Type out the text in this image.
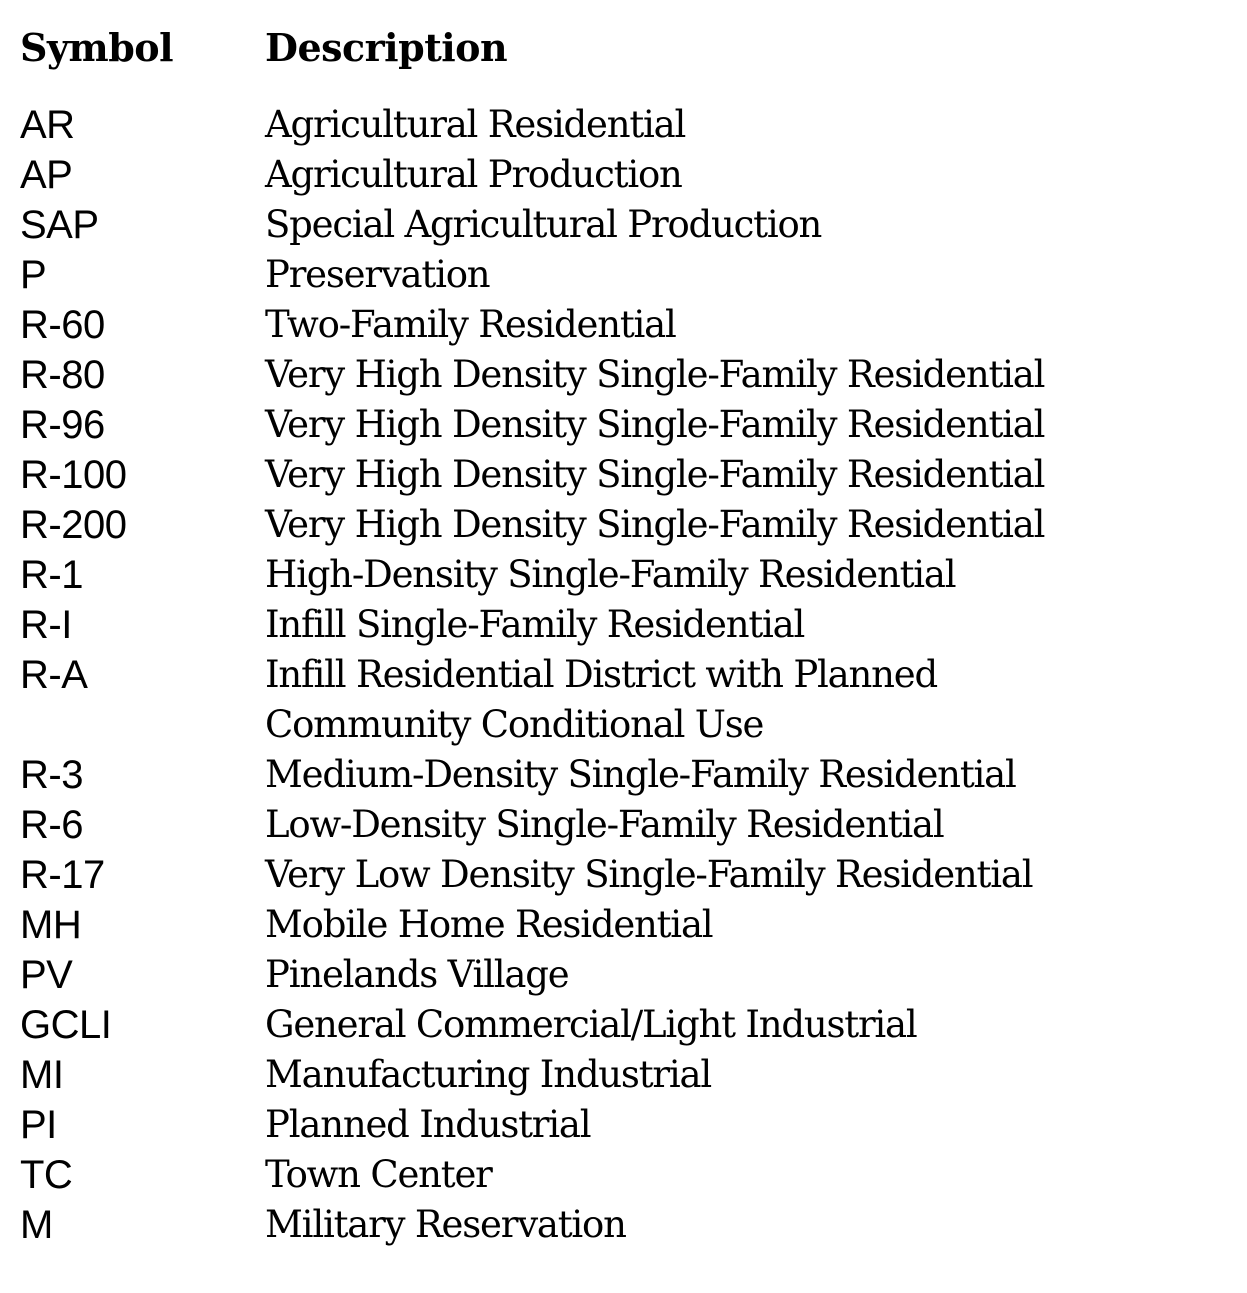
Symbol	Description
AR	Agricultural Residential
AP	Agricultural Production
SAP	Special Agricultural Production
P	Preservation
R-60	Two-Family Residential
R-80	Very High Density Single-Family Residential
R-96	Very High Density Single-Family Residential
R-100	Very High Density Single-Family Residential
R-200	Very High Density Single-Family Residential
R-1	High-Density Single-Family Residential
R-I	Infill Single-Family Residential
R-A	Infill Residential District with Planned
Community Conditional Use
R-3	Medium-Density Single-Family Residential
R-6	Low-Density Single-Family Residential
R-17	Very Low Density Single-Family Residential
MH	Mobile Home Residential
PV	Pinelands Village
GCLI	General Commercial/Light Industrial
MI	Manufacturing Industrial
PI	Planned Industrial
TC	Town Center
M	Military Reservation
